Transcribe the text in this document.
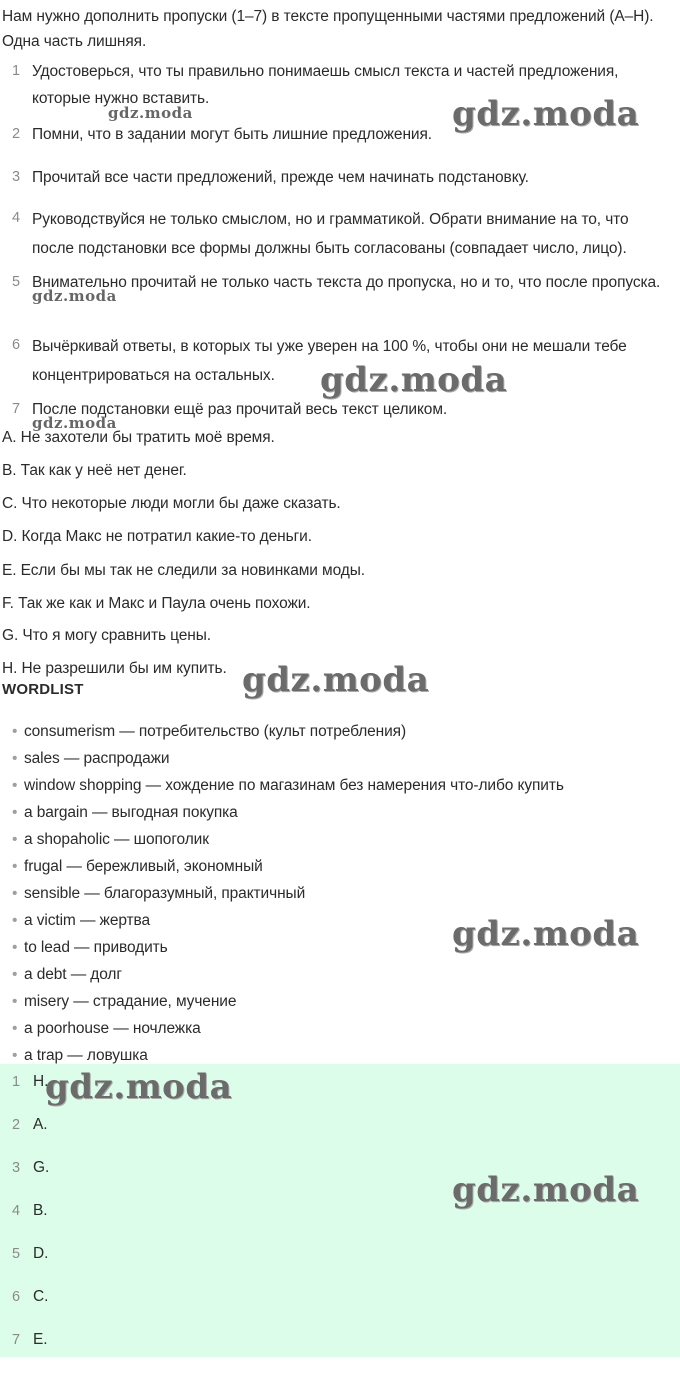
Нам нужно дополнить пропуски (1–7) в тексте пропущенными частями предложений (A–H). Одна часть лишняя.
1 Удостоверься, что ты правильно понимаешь смысл текста и частей предложения, которые нужно вставить.
2 Помни, что в задании могут быть лишние предложения.
3 Прочитай все части предложений, прежде чем начинать подстановку.
4 Руководствуйся не только смыслом, но и грамматикой. Обрати внимание на то, что после подстановки все формы должны быть согласованы (совпадает число, лицо).
5 Внимательно прочитай не только часть текста до пропуска, но и то, что после пропуска.
6 Вычёркивай ответы, в которых ты уже уверен на 100 %, чтобы они не мешали тебе концентрироваться на остальных.
7 После подстановки ещё раз прочитай весь текст целиком.
A. Не захотели бы тратить моё время.
B. Так как у неё нет денег.
C. Что некоторые люди могли бы даже сказать.
D. Когда Макс не потратил какие-то деньги.
E. Если бы мы так не следили за новинками моды.
F. Так же как и Макс и Паула очень похожи.
G. Что я могу сравнить цены.
H. Не разрешили бы им купить.
WORDLIST
• consumerism — потребительство (культ потребления)
• sales — распродажи
• window shopping — хождение по магазинам без намерения что-либо купить
• a bargain — выгодная покупка
• a shopaholic — шопоголик
• frugal — бережливый, экономный
• sensible — благоразумный, практичный
• a victim — жертва
• to lead — приводить
• a debt — долг
• misery — страдание, мучение
• a poorhouse — ночлежка
• a trap — ловушка
1 H.
2 A.
3 G.
4 B.
5 D.
6 C.
7 E.
gdz.moda
gdz.moda
gdz.moda
gdz.moda
gdz.moda
gdz.moda
gdz.moda
gdz.moda
gdz.moda
